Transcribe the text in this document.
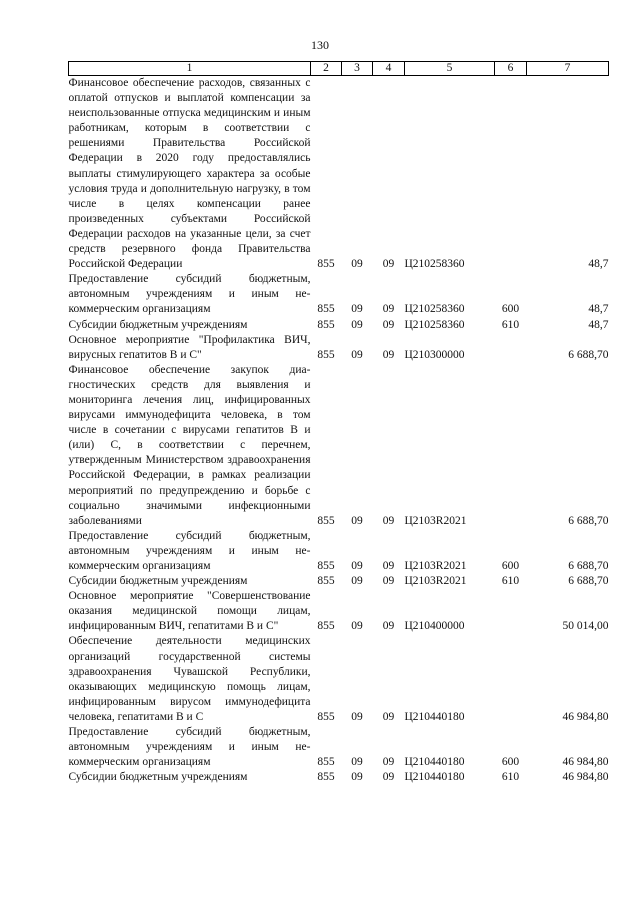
130
1	2	3	4	5	6	7
Финансовое обеспечение расходов, связанных с оплатой отпусков и выплатой компенсации за неиспользованные отпуска медицинским и иным работникам, которым в соответствии с решениями Правительства Российской Федерации в 2020 году предоставлялись выплаты стимулирующего характера за особые условия труда и дополнительную нагрузку, в том числе в целях компенсации ранее произведенных субъектами Российской Федерации расходов на указанные цели, за счет средств резервного фонда Правительства Российской Федерации	855	09	09	Ц210258360		48,7
Предоставление субсидий бюджетным, автономным учреждениям и иным некоммерческим организациям	855	09	09	Ц210258360	600	48,7
Субсидии бюджетным учреждениям	855	09	09	Ц210258360	610	48,7
Основное мероприятие "Профилактика ВИЧ, вирусных гепатитов В и С"	855	09	09	Ц210300000		6 688,70
Финансовое обеспечение закупок диагностических средств для выявления и мониторинга лечения лиц, инфицированных вирусами иммунодефицита человека, в том числе в сочетании с вирусами гепатитов В и (или) С, в соответствии с перечнем, утвержденным Министерством здравоохранения Российской Федерации, в рамках реализации мероприятий по предупреждению и борьбе с социально значимыми инфекционными заболеваниями	855	09	09	Ц2103R2021		6 688,70
Предоставление субсидий бюджетным, автономным учреждениям и иным некоммерческим организациям	855	09	09	Ц2103R2021	600	6 688,70
Субсидии бюджетным учреждениям	855	09	09	Ц2103R2021	610	6 688,70
Основное мероприятие "Совершенствование оказания медицинской помощи лицам, инфицированным ВИЧ, гепатитами В и С"	855	09	09	Ц210400000		50 014,00
Обеспечение деятельности медицинских организаций государственной системы здравоохранения Чувашской Республики, оказывающих медицинскую помощь лицам, инфицированным вирусом иммунодефицита человека, гепатитами В и С	855	09	09	Ц210440180		46 984,80
Предоставление субсидий бюджетным, автономным учреждениям и иным некоммерческим организациям	855	09	09	Ц210440180	600	46 984,80
Субсидии бюджетным учреждениям	855	09	09	Ц210440180	610	46 984,80
